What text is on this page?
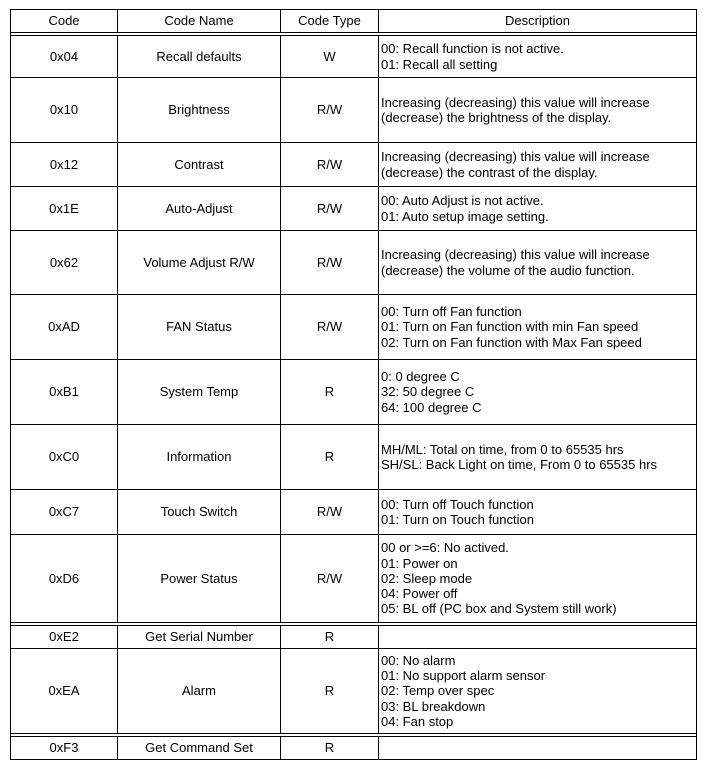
Code	Code Name	Code Type	Description

0x04	Recall defaults	W	00: Recall function is not active.
01: Recall all setting

0x10	Brightness	R/W	Increasing (decreasing) this value will increase
(decrease) the brightness of the display.

0x12	Contrast	R/W	Increasing (decreasing) this value will increase
(decrease) the contrast of the display.

0x1E	Auto-Adjust	R/W	00: Auto Adjust is not active.
01: Auto setup image setting.

0x62	Volume Adjust R/W	R/W	Increasing (decreasing) this value will increase
(decrease) the volume of the audio function.

0xAD	FAN Status	R/W	00: Turn off Fan function
01: Turn on Fan function with min Fan speed
02: Turn on Fan function with Max Fan speed

0xB1	System Temp	R	0: 0 degree C
32: 50 degree C
64: 100 degree C

0xC0	Information	R	MH/ML: Total on time, from 0 to 65535 hrs
SH/SL: Back Light on time, From 0 to 65535 hrs

0xC7	Touch Switch	R/W	00: Turn off Touch function
01: Turn on Touch function

0xD6	Power Status	R/W	00 or >=6: No actived.
01: Power on
02: Sleep mode
04: Power off
05: BL off (PC box and System still work)

0xE2	Get Serial Number	R	
0xEA	Alarm	R	00: No alarm
01: No support alarm sensor
02: Temp over spec
03: BL breakdown
04: Fan stop

0xF3	Get Command Set	R	
